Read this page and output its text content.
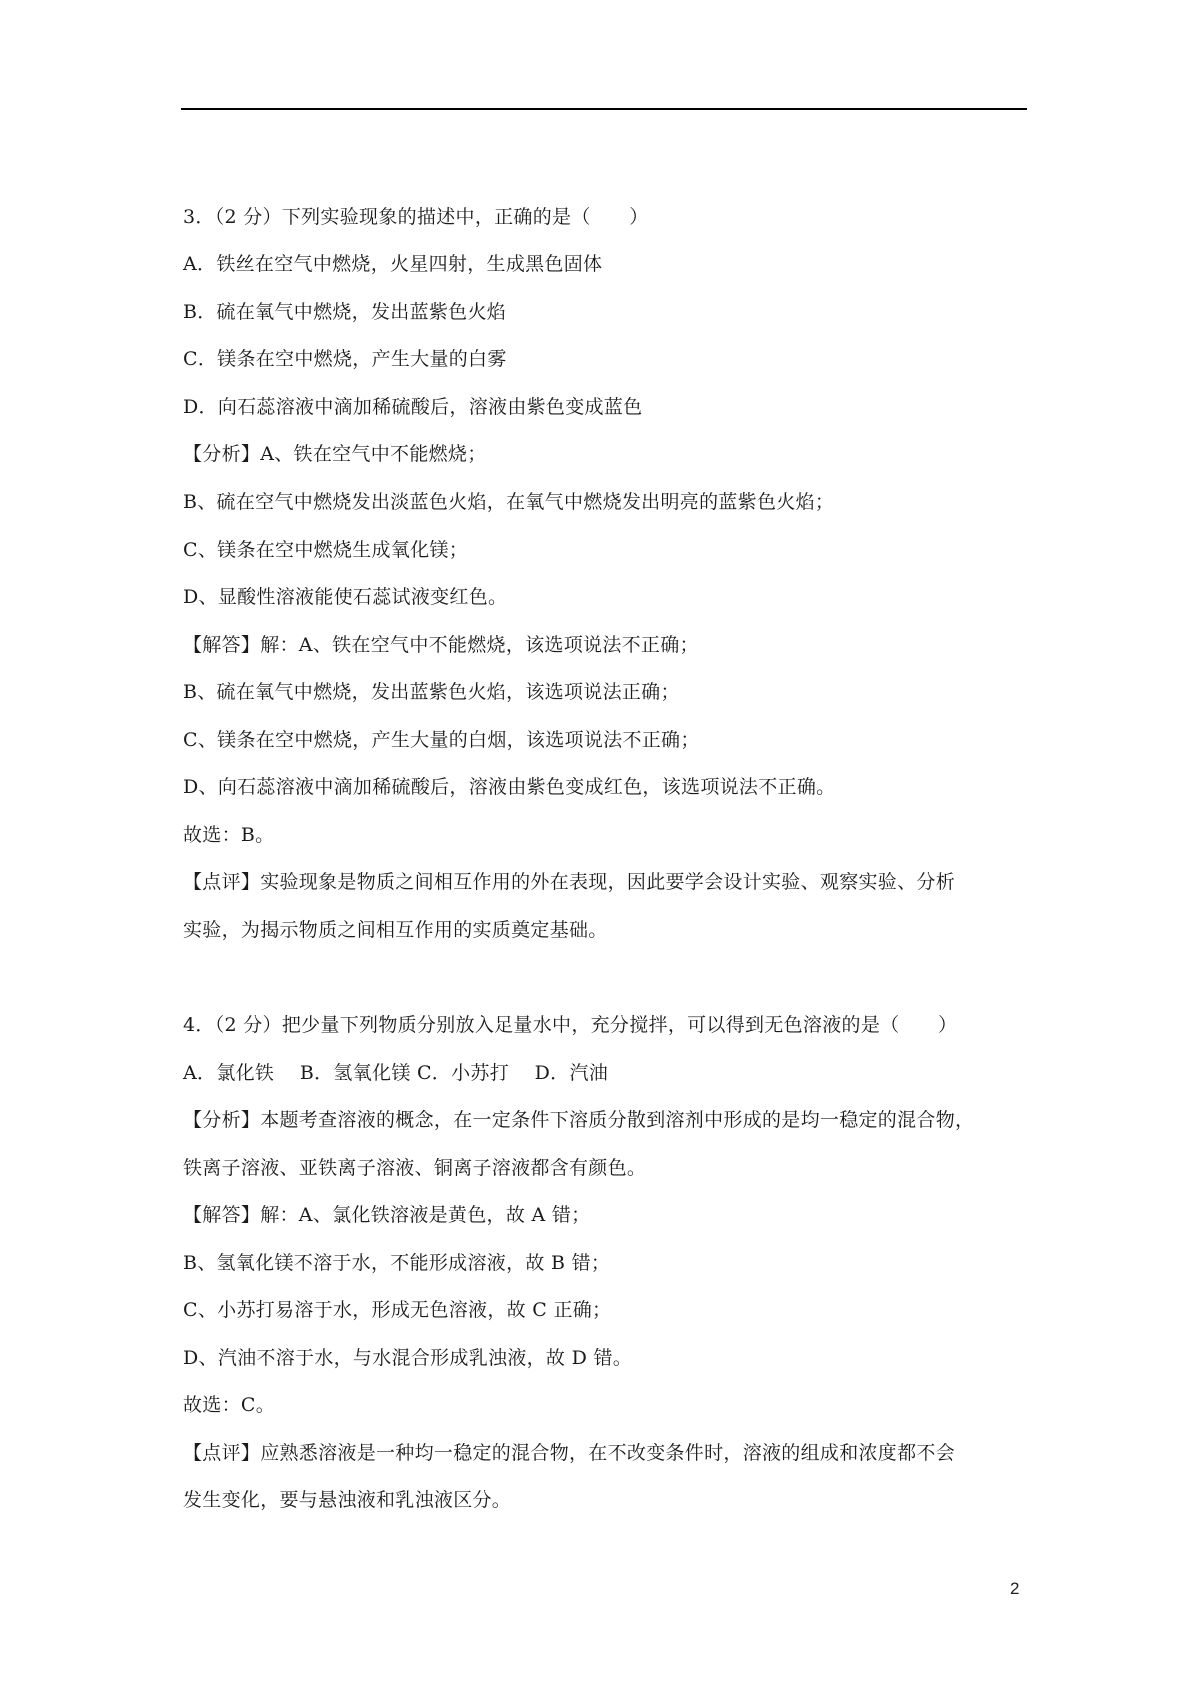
3．（2 分）下列实验现象的描述中，正确的是（　　）
A．铁丝在空气中燃烧，火星四射，生成黑色固体
B．硫在氧气中燃烧，发出蓝紫色火焰
C．镁条在空中燃烧，产生大量的白雾
D．向石蕊溶液中滴加稀硫酸后，溶液由紫色变成蓝色
【分析】A、铁在空气中不能燃烧；
B、硫在空气中燃烧发出淡蓝色火焰，在氧气中燃烧发出明亮的蓝紫色火焰；
C、镁条在空中燃烧生成氧化镁；
D、显酸性溶液能使石蕊试液变红色。
【解答】解：A、铁在空气中不能燃烧，该选项说法不正确；
B、硫在氧气中燃烧，发出蓝紫色火焰，该选项说法正确；
C、镁条在空中燃烧，产生大量的白烟，该选项说法不正确；
D、向石蕊溶液中滴加稀硫酸后，溶液由紫色变成红色，该选项说法不正确。
故选：B。
【点评】实验现象是物质之间相互作用的外在表现，因此要学会设计实验、观察实验、分析
实验，为揭示物质之间相互作用的实质奠定基础。
4．（2 分）把少量下列物质分别放入足量水中，充分搅拌，可以得到无色溶液的是（　　）
A．氯化铁　 B．氢氧化镁 C．小苏打　 D．汽油
【分析】本题考查溶液的概念，在一定条件下溶质分散到溶剂中形成的是均一稳定的混合物，
铁离子溶液、亚铁离子溶液、铜离子溶液都含有颜色。
【解答】解：A、氯化铁溶液是黄色，故 A 错；
B、氢氧化镁不溶于水，不能形成溶液，故 B 错；
C、小苏打易溶于水，形成无色溶液，故 C 正确；
D、汽油不溶于水，与水混合形成乳浊液，故 D 错。
故选：C。
【点评】应熟悉溶液是一种均一稳定的混合物，在不改变条件时，溶液的组成和浓度都不会
发生变化，要与悬浊液和乳浊液区分。
2
